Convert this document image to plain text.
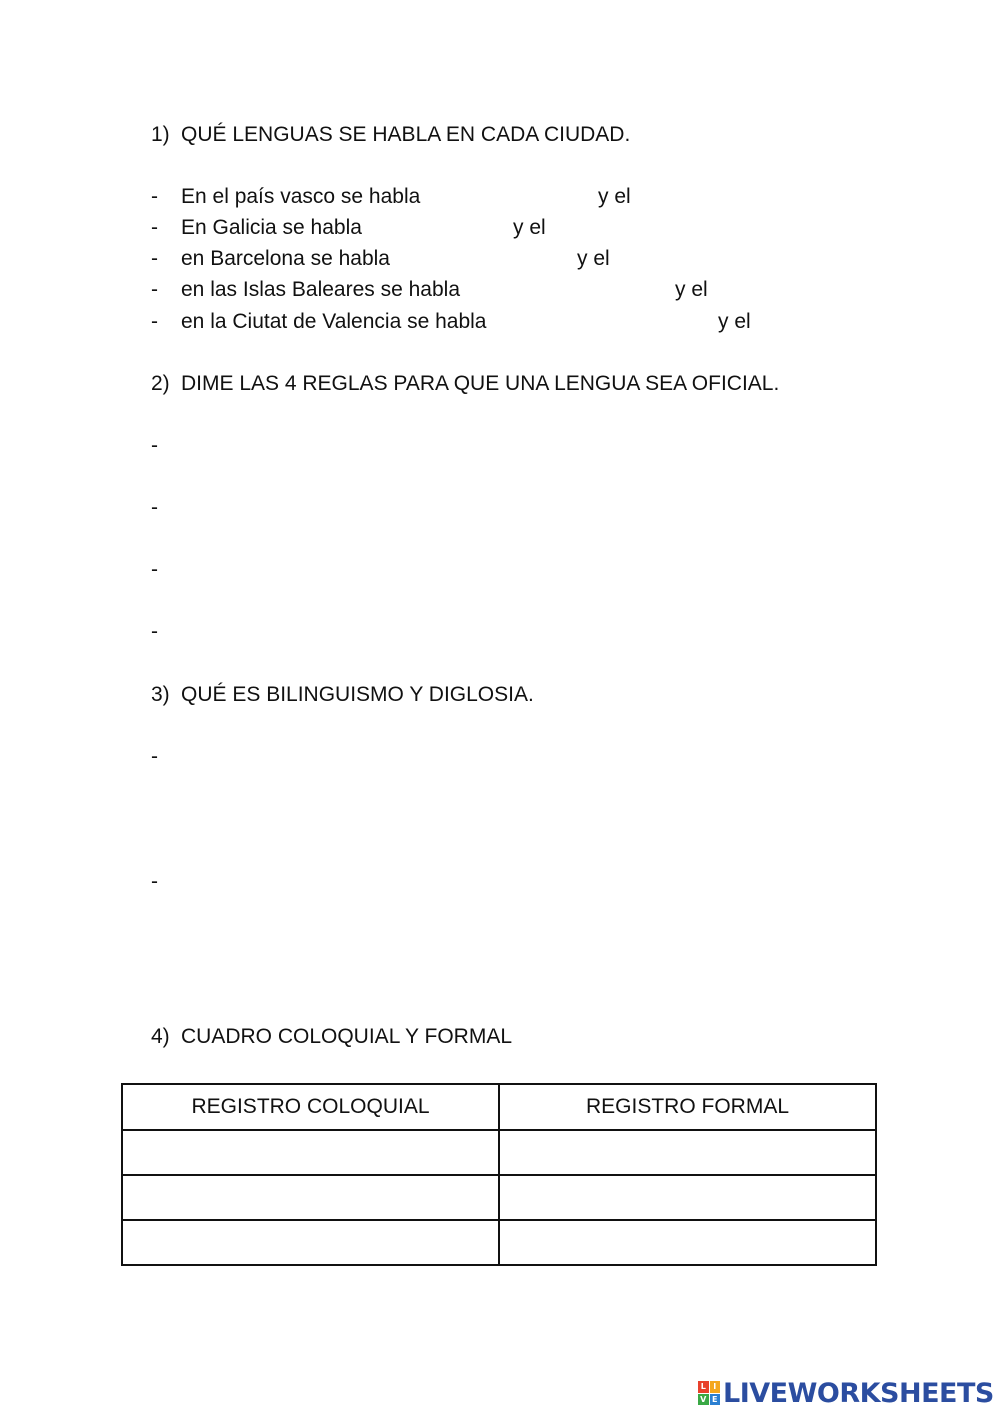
1) QUÉ LENGUAS SE HABLA EN CADA CIUDAD.
- En el país vasco se habla	y el
- En Galicia se habla	y el
- en Barcelona se habla	y el
- en las Islas Baleares se habla	y el
- en la Ciutat de Valencia se habla	y el
2) DIME LAS 4 REGLAS PARA QUE UNA LENGUA SEA OFICIAL.
-
-
-
-
3) QUÉ ES BILINGUISMO Y DIGLOSIA.
-
-
4) CUADRO COLOQUIAL Y FORMAL
REGISTRO COLOQUIAL	REGISTRO FORMAL

L I
V E LIVEWORKSHEETS
